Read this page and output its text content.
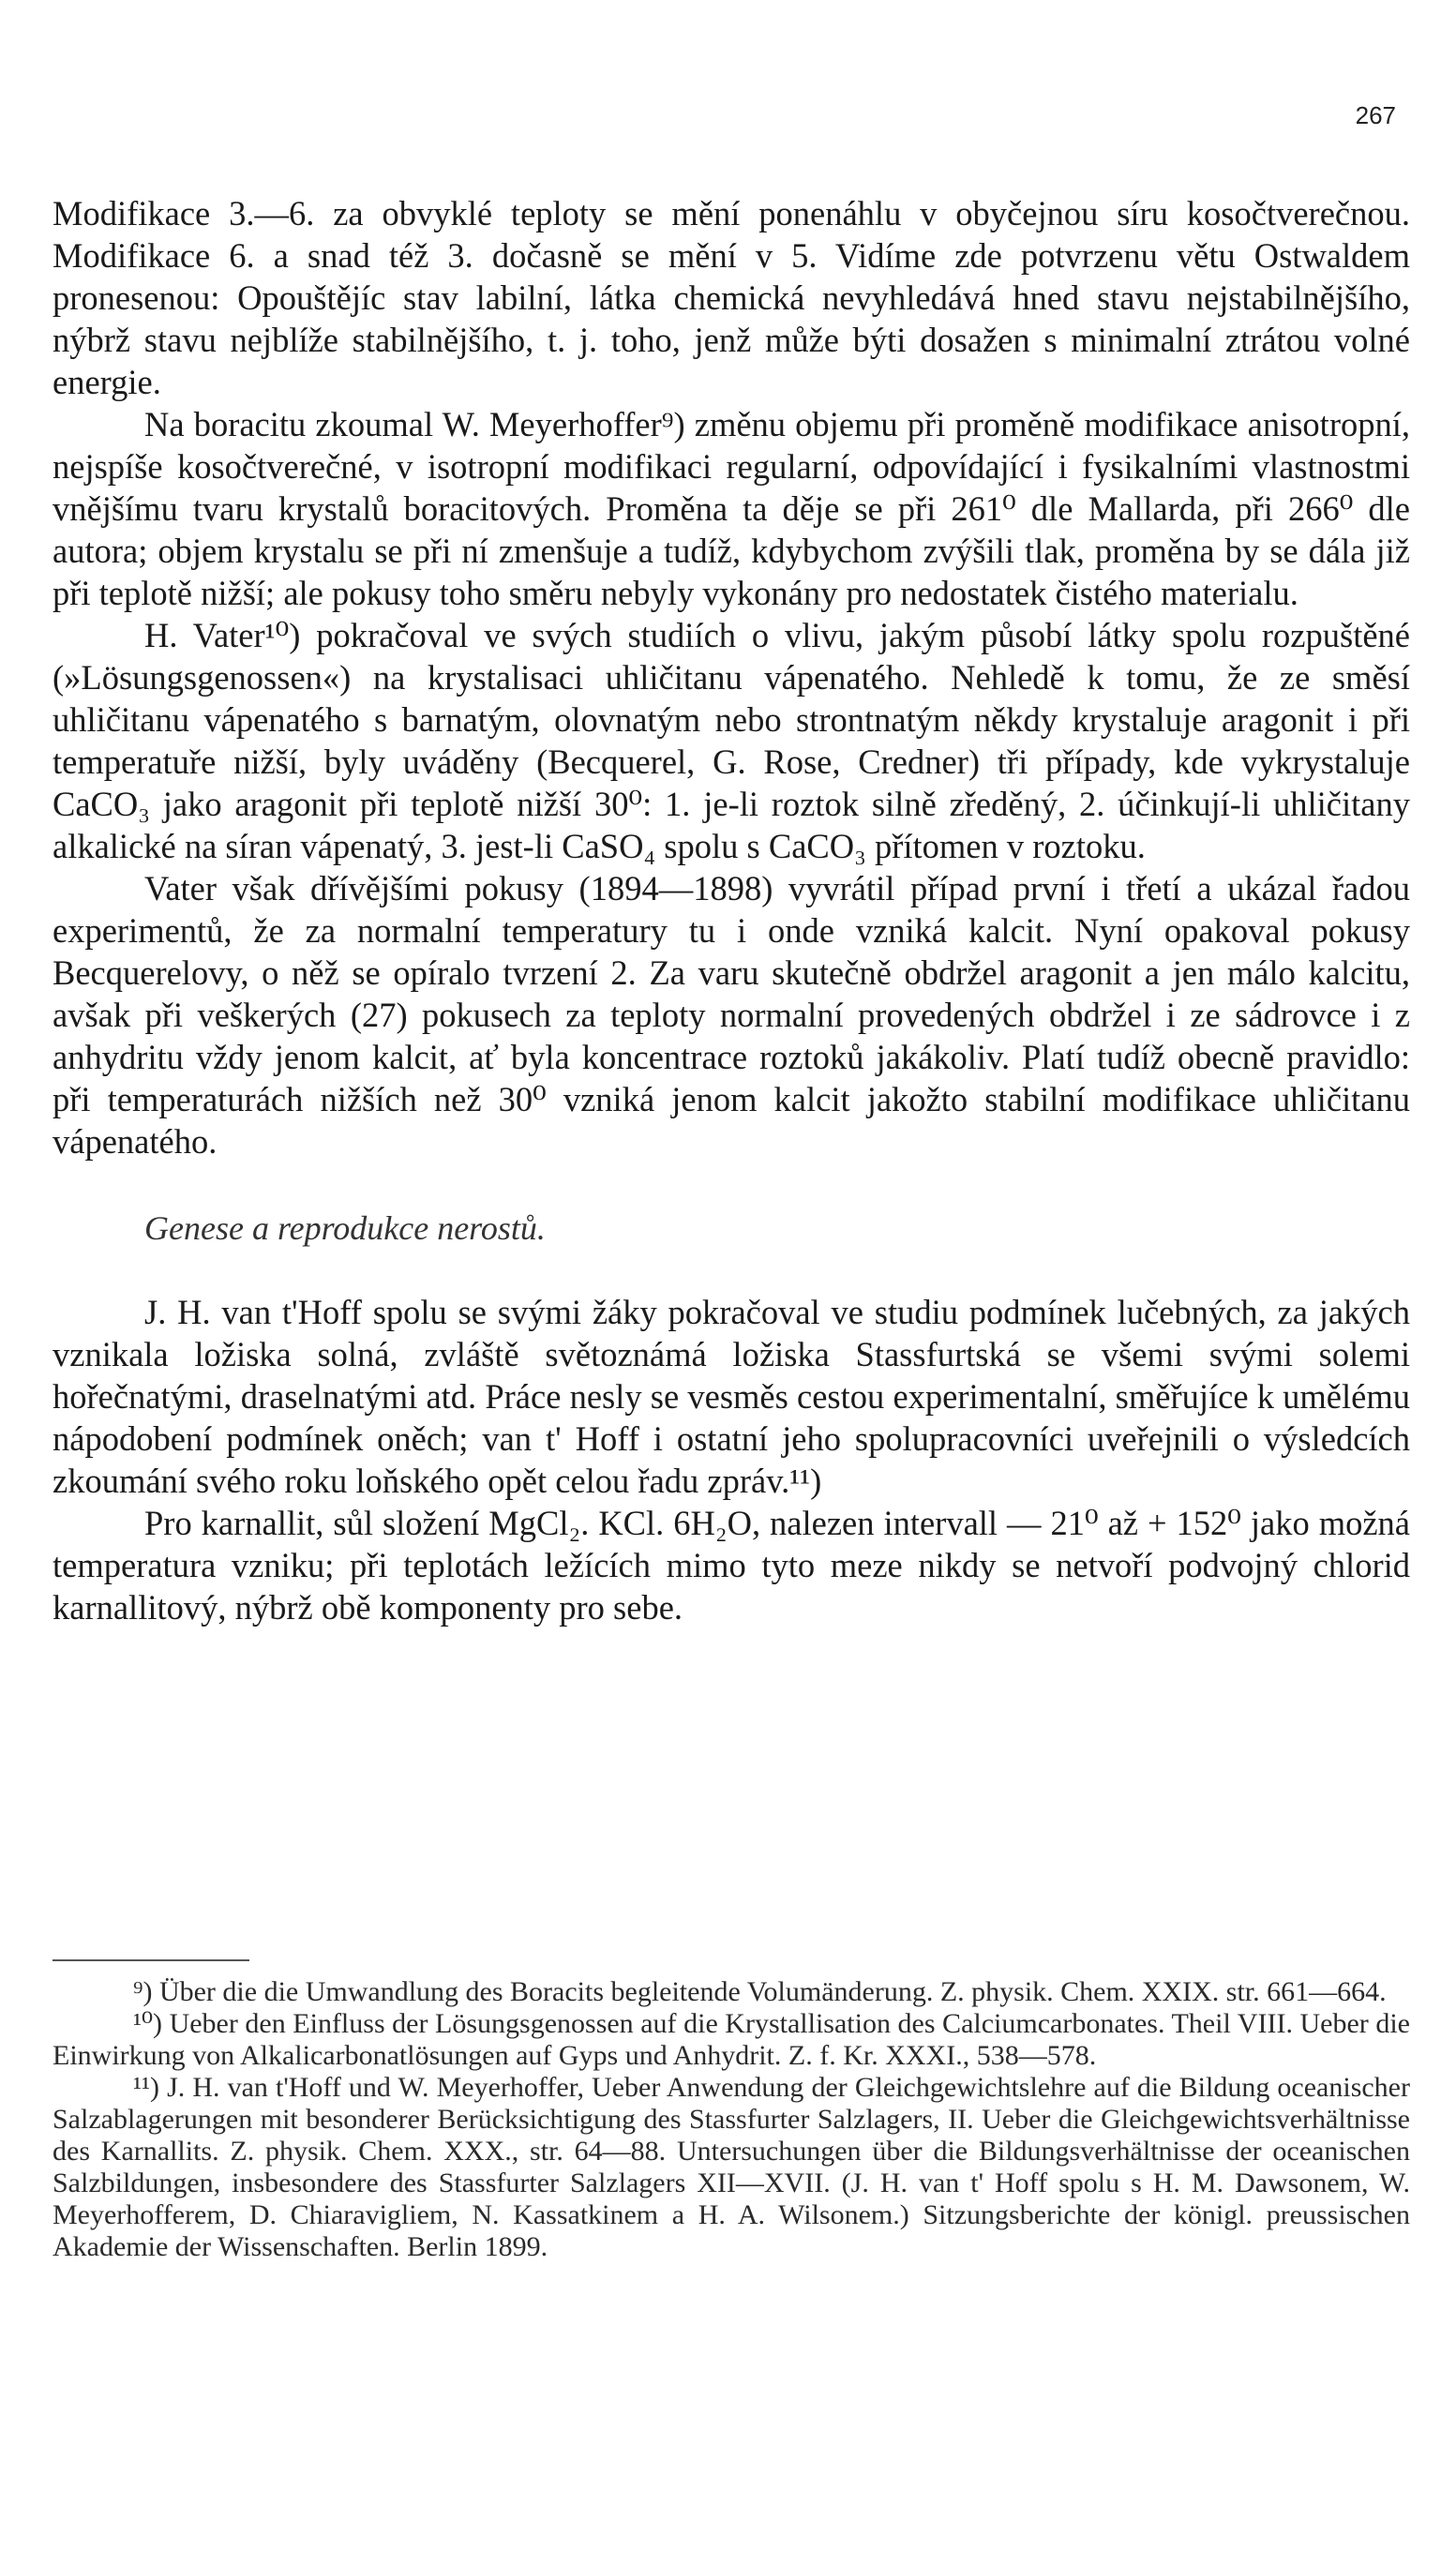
267

Modifikace 3.—6. za obvyklé teploty se mění ponenáhlu v obyčejnou síru kosočtverečnou. Modifikace 6. a snad též 3. dočasně se mění v 5. Vidíme zde potvrzenu větu Ostwaldem pronesenou: Opouštějíc stav labilní, látka chemická nevyhledává hned stavu nejstabilnějšího, nýbrž stavu nejblíže stabilnějšího, t. j. toho, jenž může býti dosažen s minimalní ztrátou volné energie.

Na boracitu zkoumal W. Meyerhoffer⁹) změnu objemu při proměně modifikace anisotropní, nejspíše kosočtverečné, v isotropní modifikaci regularní, odpovídající i fysikalními vlastnostmi vnějšímu tvaru krystalů boracitových. Proměna ta děje se při 261⁰ dle Mallarda, při 266⁰ dle autora; objem krystalu se při ní zmenšuje a tudíž, kdybychom zvýšili tlak, proměna by se dála již při teplotě nižší; ale pokusy toho směru nebyly vykonány pro nedostatek čistého materialu.

H. Vater¹⁰) pokračoval ve svých studiích o vlivu, jakým působí látky spolu rozpuštěné (»Lösungsgenossen«) na krystalisaci uhličitanu vápenatého. Nehledě k tomu, že ze směsí uhličitanu vápenatého s barnatým, olovnatým nebo strontnatým někdy krystaluje aragonit i při temperatuře nižší, byly uváděny (Becquerel, G. Rose, Credner) tři případy, kde vykrystaluje CaCO₃ jako aragonit při teplotě nižší 30⁰: 1. je-li roztok silně zředěný, 2. účinkují-li uhličitany alkalické na síran vápenatý, 3. jest-li CaSO₄ spolu s CaCO₃ přítomen v roztoku.

Vater však dřívějšími pokusy (1894—1898) vyvrátil případ první i třetí a ukázal řadou experimentů, že za normalní temperatury tu i onde vzniká kalcit. Nyní opakoval pokusy Becquerelovy, o něž se opíralo tvrzení 2. Za varu skutečně obdržel aragonit a jen málo kalcitu, avšak při veškerých (27) pokusech za teploty normalní provedených obdržel i ze sádrovce i z anhydritu vždy jenom kalcit, ať byla koncentrace roztoků jakákoliv. Platí tudíž obecně pravidlo: při temperaturách nižších než 30⁰ vzniká jenom kalcit jakožto stabilní modifikace uhličitanu vápenatého.

Genese a reprodukce nerostů.

J. H. van t'Hoff spolu se svými žáky pokračoval ve studiu podmínek lučebných, za jakých vznikala ložiska solná, zvláště světoznámá ložiska Stassfurtská se všemi svými solemi hořečnatými, draselnatými atd. Práce nesly se vesměs cestou experimentalní, směřujíce k umělému nápodobení podmínek oněch; van t' Hoff i ostatní jeho spolupracovníci uveřejnili o výsledcích zkoumání svého roku loňského opět celou řadu zpráv.¹¹)

Pro karnallit, sůl složení MgCl₂. KCl. 6H₂O, nalezen intervall — 21⁰ až + 152⁰ jako možná temperatura vzniku; při teplotách ležících mimo tyto meze nikdy se netvoří podvojný chlorid karnallitový, nýbrž obě komponenty pro sebe.

⁹) Über die die Umwandlung des Boracits begleitende Volumänderung. Z. physik. Chem. XXIX. str. 661—664.

¹⁰) Ueber den Einfluss der Lösungsgenossen auf die Krystallisation des Calciumcarbonates. Theil VIII. Ueber die Einwirkung von Alkalicarbonatlösungen auf Gyps und Anhydrit. Z. f. Kr. XXXI., 538—578.

¹¹) J. H. van t'Hoff und W. Meyerhoffer, Ueber Anwendung der Gleichgewichtslehre auf die Bildung oceanischer Salzablagerungen mit besonderer Berücksichtigung des Stassfurter Salzlagers, II. Ueber die Gleichgewichtsverhältnisse des Karnallits. Z. physik. Chem. XXX., str. 64—88. Untersuchungen über die Bildungsverhältnisse der oceanischen Salzbildungen, insbesondere des Stassfurter Salzlagers XII—XVII. (J. H. van t' Hoff spolu s H. M. Dawsonem, W. Meyerhofferem, D. Chiaravigliem, N. Kassatkinem a H. A. Wilsonem.) Sitzungsberichte der königl. preussischen Akademie der Wissenschaften. Berlin 1899.
